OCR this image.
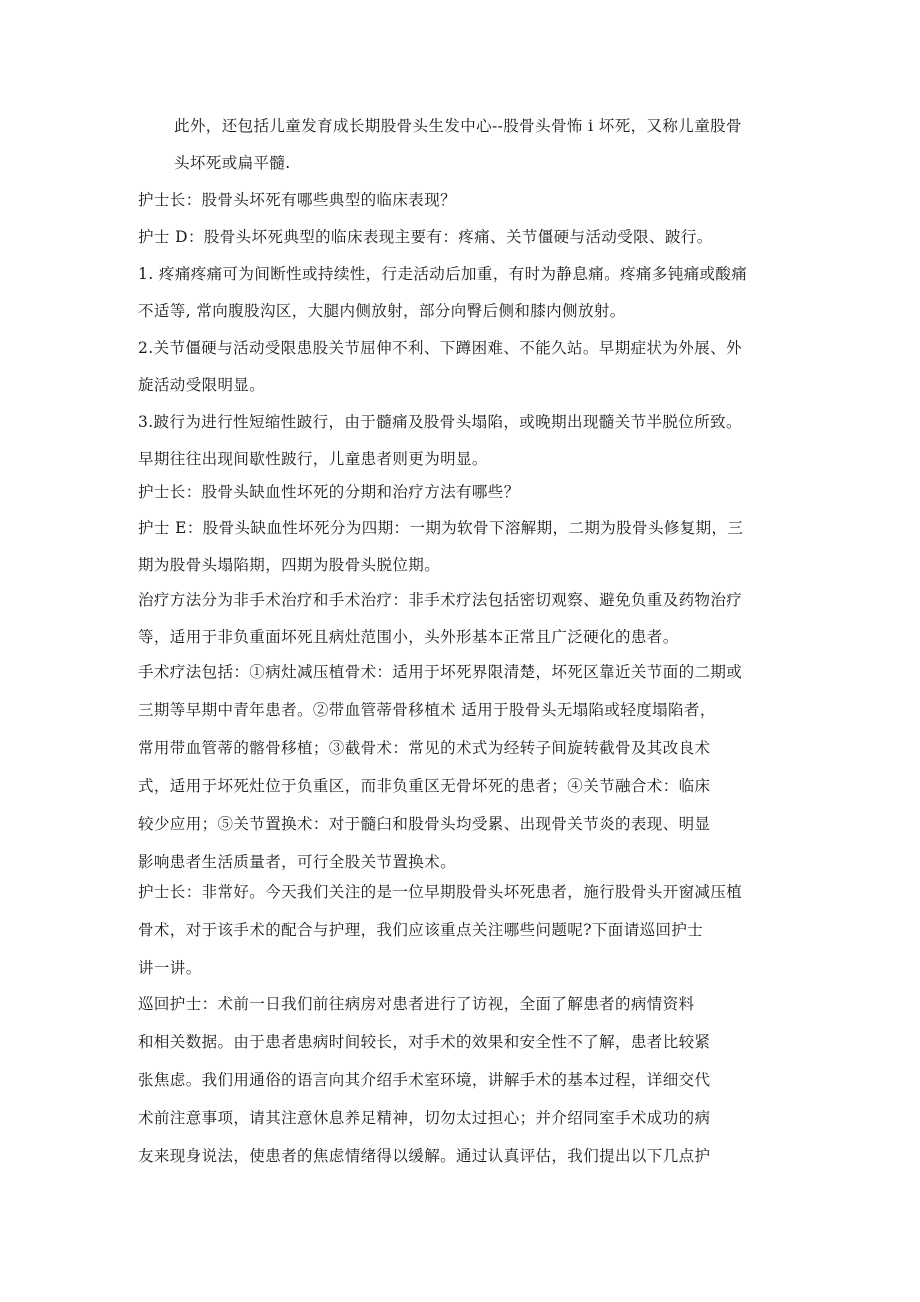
此外，还包括儿童发育成长期股骨头生发中心--股骨头骨怖 i 坏死，又称儿童股骨
头坏死或扁平髓.
护士长：股骨头坏死有哪些典型的临床表现？
护士 D：股骨头坏死典型的临床表现主要有：疼痛、关节僵硬与活动受限、跛行。
1. 疼痛疼痛可为间断性或持续性，行走活动后加重，有时为静息痛。疼痛多钝痛或酸痛
不适等, 常向腹股沟区，大腿内侧放射，部分向臀后侧和膝内侧放射。
2.关节僵硬与活动受限患股关节屈伸不利、下蹲困难、不能久站。早期症状为外展、外
旋活动受限明显。
3.跛行为进行性短缩性跛行，由于髓痛及股骨头塌陷，或晚期出现髓关节半脱位所致。
早期往往出现间歇性跛行，儿童患者则更为明显。
护士长：股骨头缺血性坏死的分期和治疗方法有哪些？
护士 E：股骨头缺血性坏死分为四期：一期为软骨下溶解期，二期为股骨头修复期，三
期为股骨头塌陷期，四期为股骨头脱位期。
治疗方法分为非手术治疗和手术治疗：非手术疗法包括密切观察、避免负重及药物治疗
等，适用于非负重面坏死且病灶范围小，头外形基本正常且广泛硬化的患者。
手术疗法包括：①病灶减压植骨术：适用于坏死界限清楚，坏死区靠近关节面的二期或
三期等早期中青年患者。②带血管蒂骨移植术 适用于股骨头无塌陷或轻度塌陷者，
常用带血管蒂的髂骨移植；③截骨术：常见的术式为经转子间旋转截骨及其改良术
式，适用于坏死灶位于负重区，而非负重区无骨坏死的患者；④关节融合术：临床
较少应用；⑤关节置换术：对于髓臼和股骨头均受累、出现骨关节炎的表现、明显
影响患者生活质量者，可行全股关节置换术。
护士长：非常好。今天我们关注的是一位早期股骨头坏死患者，施行股骨头开窗减压植
骨术，对于该手术的配合与护理，我们应该重点关注哪些问题呢?下面请巡回护士
讲一讲。
巡回护士：术前一日我们前往病房对患者进行了访视，全面了解患者的病情资料
和相关数据。由于患者患病时间较长，对手术的效果和安全性不了解，患者比较紧
张焦虑。我们用通俗的语言向其介绍手术室环境，讲解手术的基本过程，详细交代
术前注意事项，请其注意休息养足精神，切勿太过担心；并介绍同室手术成功的病
友来现身说法，使患者的焦虑情绪得以缓解。通过认真评估，我们提出以下几点护
